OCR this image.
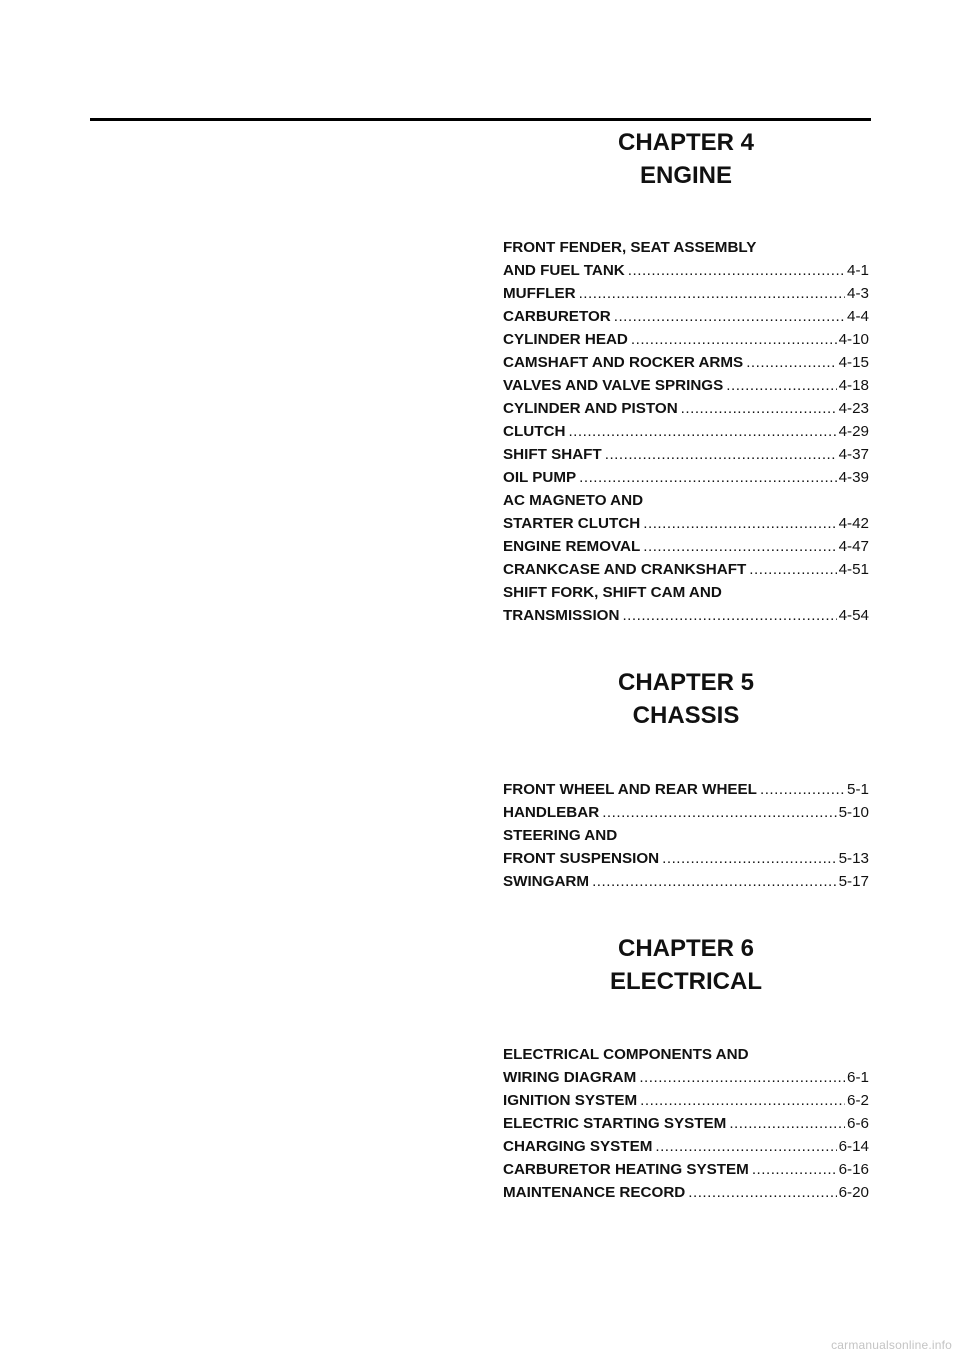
CHAPTER 4
ENGINE
FRONT FENDER, SEAT ASSEMBLY
AND FUEL TANK .....	4-1
MUFFLER .....	4-3
CARBURETOR .....	4-4
CYLINDER HEAD .....	4-10
CAMSHAFT AND ROCKER ARMS .....	4-15
VALVES AND VALVE SPRINGS .....	4-18
CYLINDER AND PISTON .....	4-23
CLUTCH .....	4-29
SHIFT SHAFT .....	4-37
OIL PUMP .....	4-39
AC MAGNETO AND
STARTER CLUTCH .....	4-42
ENGINE REMOVAL .....	4-47
CRANKCASE AND CRANKSHAFT .....	4-51
SHIFT FORK, SHIFT CAM AND
TRANSMISSION .....	4-54
CHAPTER 5
CHASSIS
FRONT WHEEL AND REAR WHEEL .....	5-1
HANDLEBAR .....	5-10
STEERING AND
FRONT SUSPENSION .....	5-13
SWINGARM .....	5-17
CHAPTER 6
ELECTRICAL
ELECTRICAL COMPONENTS AND
WIRING DIAGRAM .....	6-1
IGNITION SYSTEM .....	6-2
ELECTRIC STARTING SYSTEM .....	6-6
CHARGING SYSTEM .....	6-14
CARBURETOR HEATING SYSTEM .....	6-16
MAINTENANCE RECORD .....	6-20
carmanualsonline.info
